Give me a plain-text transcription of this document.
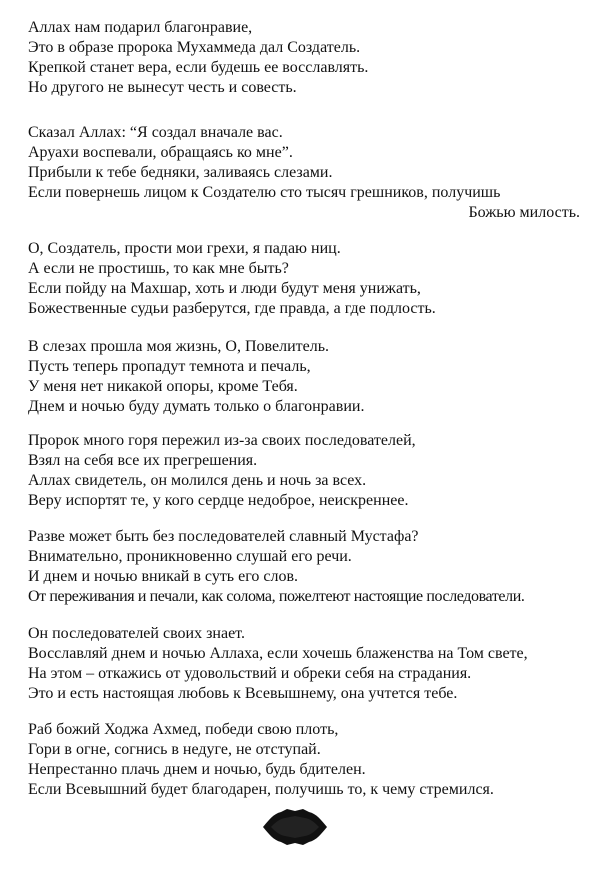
Аллах нам подарил благонравие,
Это в образе пророка Мухаммеда дал Создатель.
Крепкой станет вера, если будешь ее восславлять.
Но другого не вынесут честь и совесть.
Сказал Аллах: “Я создал вначале вас.
Аруахи воспевали, обращаясь ко мне”.
Прибыли к тебе бедняки, заливаясь слезами.
Если повернешь лицом к Создателю сто тысяч грешников, получишь
Божью милость.
О, Создатель, прости мои грехи, я падаю ниц.
А если не простишь, то как мне быть?
Если пойду на Махшар, хоть и люди будут меня унижать,
Божественные судьи разберутся, где правда, а где подлость.
В слезах прошла моя жизнь, О, Повелитель.
Пусть теперь пропадут темнота и печаль,
У меня нет никакой опоры, кроме Тебя.
Днем и ночью буду думать только о благонравии.
Пророк много горя пережил из-за своих последователей,
Взял на себя все их прегрешения.
Аллах свидетель, он молился день и ночь за всех.
Веру испортят те, у кого сердце недоброе, неискреннее.
Разве может быть без последователей славный Мустафа?
Внимательно, проникновенно слушай его речи.
И днем и ночью вникай в суть его слов.
От переживания и печали, как солома, пожелтеют настоящие последователи.
Он последователей своих знает.
Восславляй днем и ночью Аллаха, если хочешь блаженства на Том свете,
На этом – откажись от удовольствий и обреки себя на страдания.
Это и есть настоящая любовь к Всевышнему, она учтется тебе.
Раб божий Ходжа Ахмед, победи свою плоть,
Гори в огне, согнись в недуге, не отступай.
Непрестанно плачь днем и ночью, будь бдителен.
Если Всевышний будет благодарен, получишь то, к чему стремился.
